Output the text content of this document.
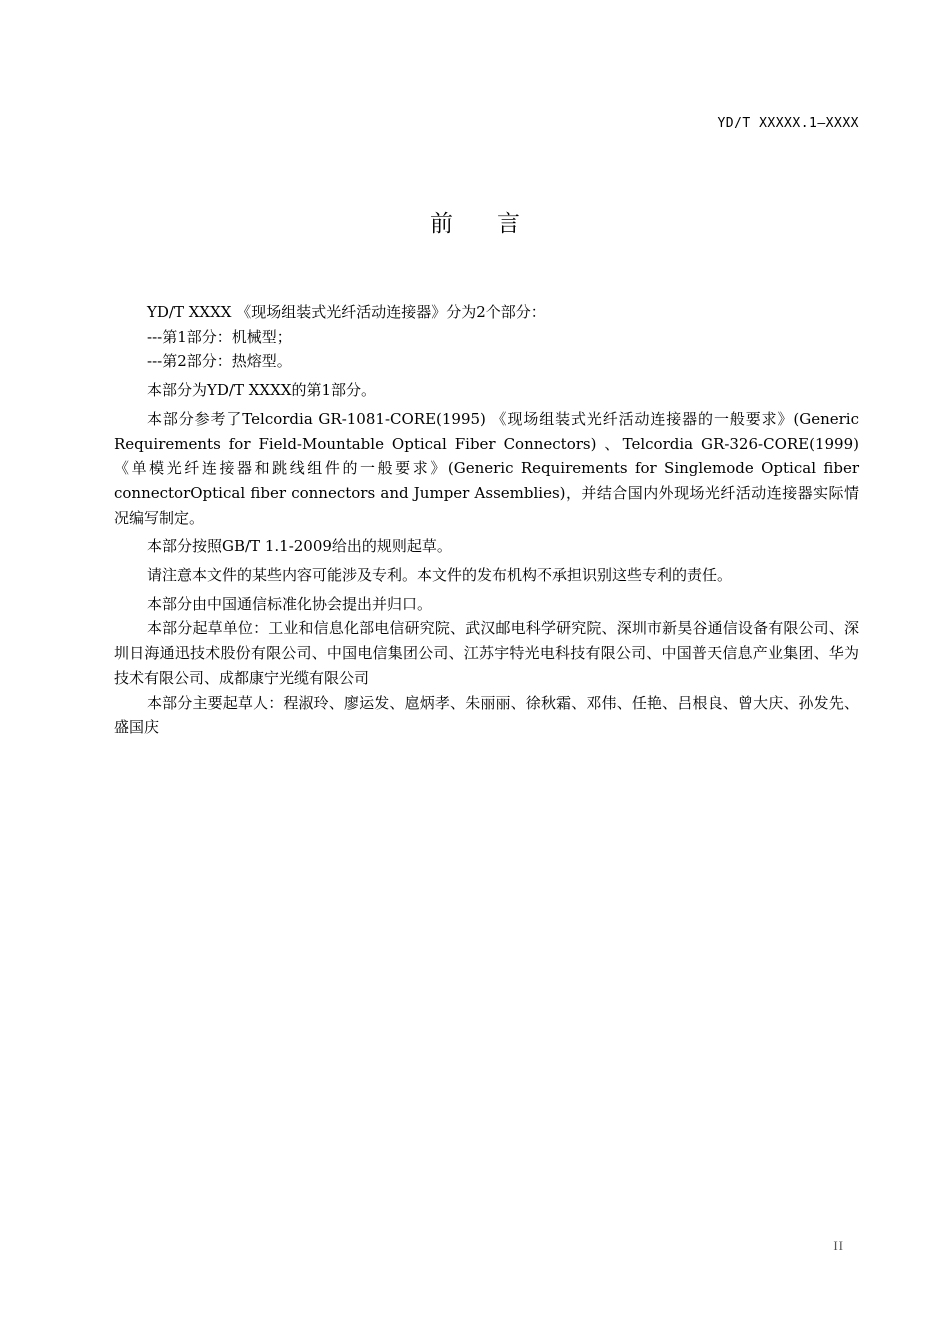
YD/T XXXXX.1—XXXX
前 言

YD/T XXXX 《现场组装式光纤活动连接器》分为2个部分：

---第1部分：机械型；

---第2部分：热熔型。

本部分为YD/T XXXX的第1部分。

本部分参考了Telcordia GR-1081-CORE(1995) 《现场组装式光纤活动连接器的一般要求》(Generic Requirements for Field-Mountable Optical Fiber Connectors) 、Telcordia GR-326-CORE(1999) 《单模光纤连接器和跳线组件的一般要求》(Generic Requirements for Singlemode Optical fiber connectorOptical fiber connectors and Jumper Assemblies)，并结合国内外现场光纤活动连接器实际情况编写制定。

本部分按照GB/T 1.1-2009给出的规则起草。

请注意本文件的某些内容可能涉及专利。本文件的发布机构不承担识别这些专利的责任。

本部分由中国通信标准化协会提出并归口。

本部分起草单位：工业和信息化部电信研究院、武汉邮电科学研究院、深圳市新昊谷通信设备有限公司、深圳日海通迅技术股份有限公司、中国电信集团公司、江苏宇特光电科技有限公司、中国普天信息产业集团、华为技术有限公司、成都康宁光缆有限公司

本部分主要起草人：程淑玲、廖运发、扈炳孝、朱丽丽、徐秋霜、邓伟、任艳、吕根良、曾大庆、孙发先、盛国庆

II
